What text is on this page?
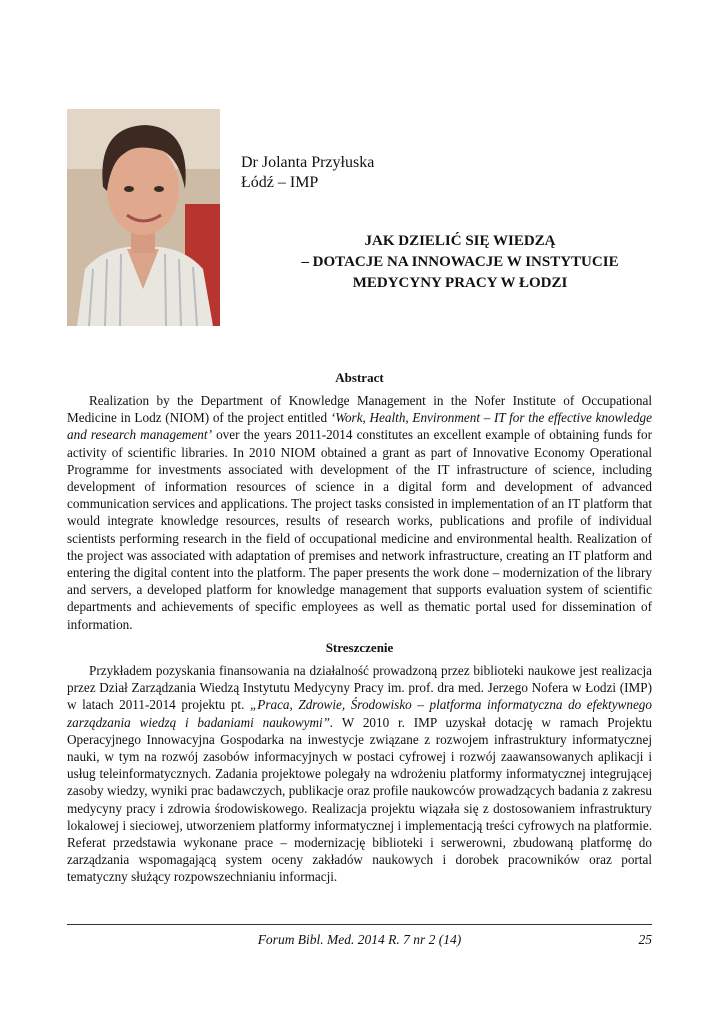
Dr Jolanta Przyłuska
Łódź – IMP
JAK DZIELIĆ SIĘ WIEDZĄ
– DOTACJE NA INNOWACJE W INSTYTUCIE
MEDYCYNY PRACY W ŁODZI
Abstract

Realization by the Department of Knowledge Management in the Nofer Institute of Occupational Medicine in Lodz (NIOM) of the project entitled ‘Work, Health, Environment – IT for the effective knowledge and research management’ over the years 2011-2014 constitutes an excellent example of obtaining funds for activity of scientific libraries. In 2010 NIOM obtained a grant as part of Innovative Economy Operational Programme for investments associated with development of the IT infrastructure of science, including development of information resources of science in a digital form and development of advanced communication services and applications. The project tasks consisted in implementation of an IT platform that would integrate knowledge resources, results of research works, publications and profile of individual scientists performing research in the field of occupational medicine and environmental health. Realization of the project was associated with adaptation of premises and network infrastructure, creating an IT platform and entering the digital content into the platform. The paper presents the work done – modernization of the library and servers, a developed platform for knowledge management that supports evaluation system of scientific departments and achievements of specific employees as well as thematic portal used for dissemination of information.

Streszczenie

Przykładem pozyskania finansowania na działalność prowadzoną przez biblioteki naukowe jest realizacja przez Dział Zarządzania Wiedzą Instytutu Medycyny Pracy im. prof. dra med. Jerzego Nofera w Łodzi (IMP) w latach 2011-2014 projektu pt. „Praca, Zdrowie, Środowisko – platforma informatyczna do efektywnego zarządzania wiedzą i badaniami naukowymi”. W 2010 r. IMP uzyskał dotację w ramach Projektu Operacyjnego Innowacyjna Gospodarka na inwestycje związane z rozwojem infrastruktury informatycznej nauki, w tym na rozwój zasobów informacyjnych w postaci cyfrowej i rozwój zaawansowanych aplikacji i usług teleinformatycznych. Zadania projektowe polegały na wdrożeniu platformy informatycznej integrującej zasoby wiedzy, wyniki prac badawczych, publikacje oraz profile naukowców prowadzących badania z zakresu medycyny pracy i zdrowia środowiskowego. Realizacja projektu wiązała się z dostosowaniem infrastruktury lokalowej i sieciowej, utworzeniem platformy informatycznej i implementacją treści cyfrowych na platformie. Referat przedstawia wykonane prace – modernizację biblioteki i serwerowni, zbudowaną platformę do zarządzania wspomagającą system oceny zakładów naukowych i dorobek pracowników oraz portal tematyczny służący rozpowszechnianiu informacji.

Forum Bibl. Med. 2014 R. 7 nr 2 (14)	25
